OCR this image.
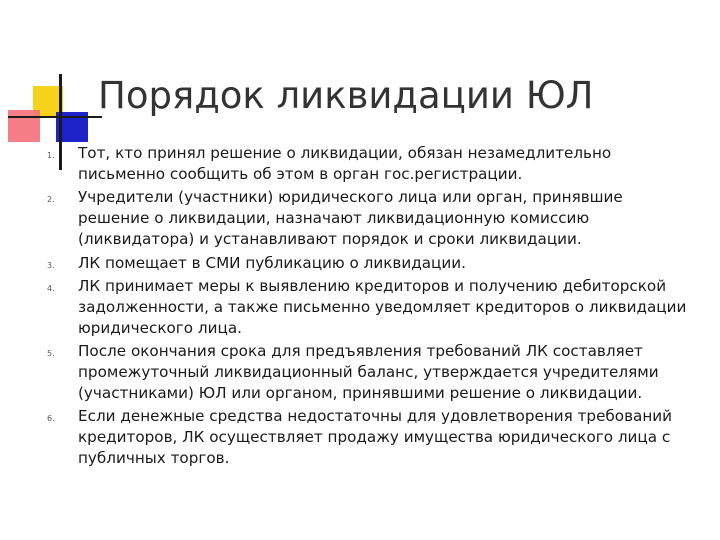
Порядок ликвидации ЮЛ
1. Тот, кто принял решение о ликвидации, обязан незамедлительно письменно сообщить об этом в орган гос.регистрации.
2. Учредители (участники) юридического лица или орган, принявшие решение о ликвидации, назначают ликвидационную комиссию (ликвидатора) и устанавливают порядок и сроки ликвидации.
3. ЛК помещает в СМИ публикацию о ликвидации.
4. ЛК принимает меры к выявлению кредиторов и получению дебиторской задолженности, а также письменно уведомляет кредиторов о ликвидации юридического лица.
5. После окончания срока для предъявления требований ЛК составляет промежуточный ликвидационный баланс, утверждается учредителями (участниками) ЮЛ или органом, принявшими решение о ликвидации.
6. Если денежные средства недостаточны для удовлетворения требований кредиторов, ЛК осуществляет продажу имущества юридического лица с публичных торгов.
